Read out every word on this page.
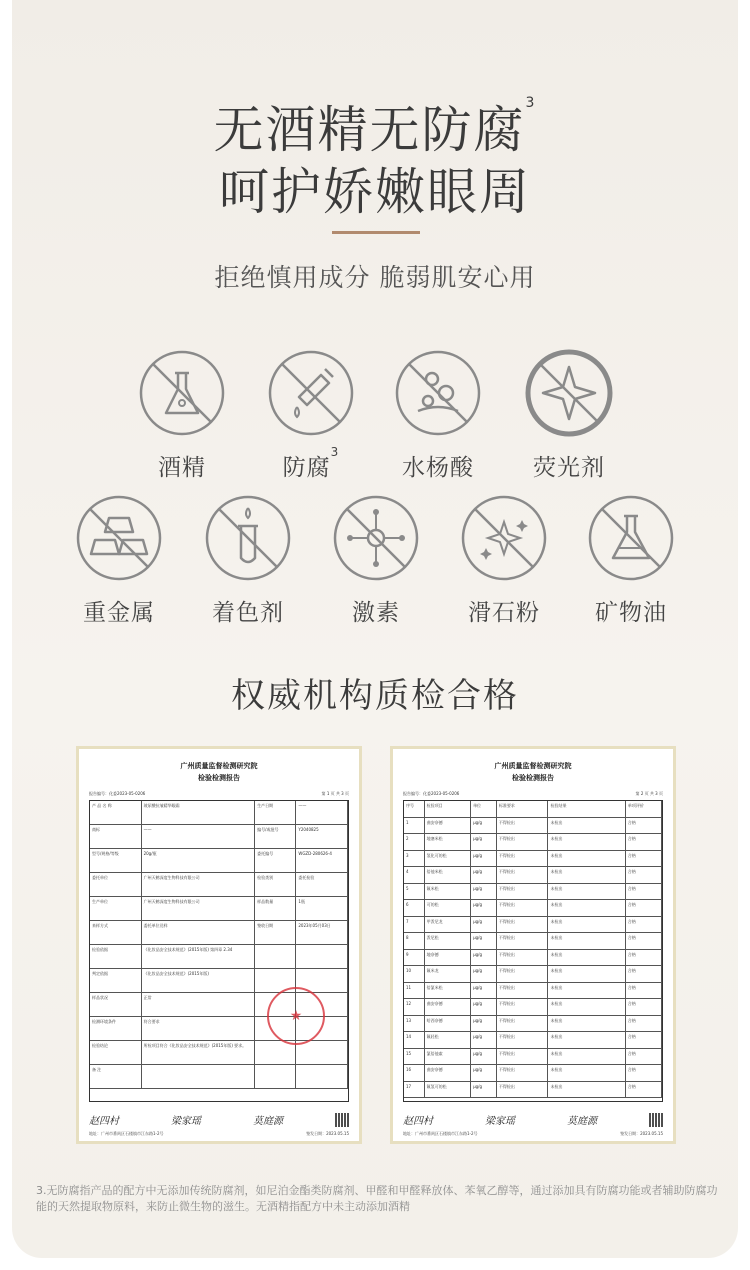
无酒精无防腐$^3$
呵护娇嫩眼周
拒绝慎用成分 脆弱肌安心用
酒精	防腐$^3$
水杨酸	荧光剂
重金属	着色剂	激素	滑石粉	矿物油
权威机构质检合格
广州质量监督检测研究院
检验检测报告
报告编号：化委2023-05-0206	第 1 页 共 3 页
产 品 名 称	玻尿酸抗皱精华眼霜	生产日期	——
商标	——	编号/或批号	Y2040825
型号/规格/等级	20g/瓶	委托编号	WGZD-280626-4
委托单位	广州天鹤深度生物科技有限公司	检验类别	委托检验
生产单位	广州天鹤深度生物科技有限公司	样品数量	1瓶
来样方式	委托单位送样	签收日期	2023年05月03日
检验依据	《化妆品安全技术规范》(2015年版) 第四章 2.34
判定依据	《化妆品安全技术规范》(2015年版)
样品状况	正常
检测环境条件	符合要求
检验结论	所检项目符合《化妆品安全技术规范》(2015年版) 要求。
备 注
★
赵四村	梁家瑶	莫庭源
地址：广州市番禺区石楼镇市江东路1-2号	签发日期：2023.05.15
广州质量监督检测研究院
检验检测报告
报告编号：化委2023-05-0206	第 2 页 共 3 页
序号	检验项目	单位	标准要求	检验结果	单项评价
1	曲安奈德	μg/g	不得检出	未检出	合格
2	地塞米松	μg/g	不得检出	未检出	合格
3	氢化可的松	μg/g	不得检出	未检出	合格
4	倍他米松	μg/g	不得检出	未检出	合格
5	氟米松	μg/g	不得检出	未检出	合格
6	可的松	μg/g	不得检出	未检出	合格
7	甲泼尼龙	μg/g	不得检出	未检出	合格
8	泼尼松	μg/g	不得检出	未检出	合格
9	地奈德	μg/g	不得检出	未检出	合格
10	氟米龙	μg/g	不得检出	未检出	合格
11	倍氯米松	μg/g	不得检出	未检出	合格
12	曲安奈德	μg/g	不得检出	未检出	合格
13	哈西奈德	μg/g	不得检出	未检出	合格
14	氟轻松	μg/g	不得检出	未检出	合格
15	氯倍他索	μg/g	不得检出	未检出	合格
16	曲安奈德	μg/g	不得检出	未检出	合格
17	氟氢可的松	μg/g	不得检出	未检出	合格
赵四村	梁家瑶	莫庭源
地址：广州市番禺区石楼镇市江东路1-2号	签发日期：2023.05.15
3.无防腐指产品的配方中无添加传统防腐剂，如尼泊金酯类防腐剂、甲醛和甲醛释放体、苯氧乙醇等，通过添加具有防腐功能或者辅助防腐功能的天然提取物原料，来防止微生物的滋生。无酒精指配方中未主动添加酒精
